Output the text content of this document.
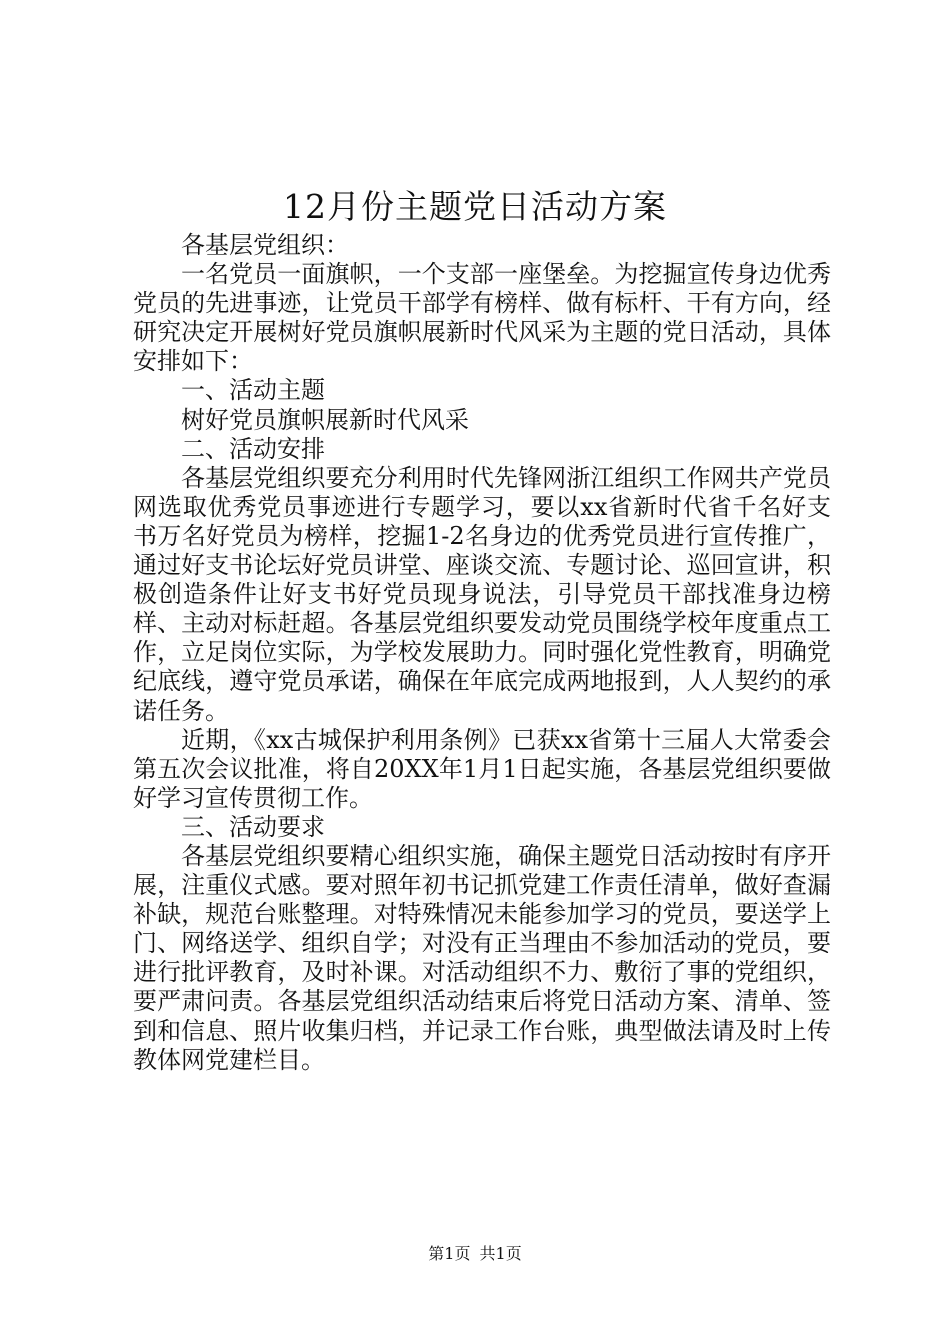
12月份主题党日活动方案

各基层党组织：

一名党员一面旗帜，一个支部一座堡垒。为挖掘宣传身边优秀党员的先进事迹，让党员干部学有榜样、做有标杆、干有方向，经研究决定开展树好党员旗帜展新时代风采为主题的党日活动，具体安排如下：

一、活动主题

树好党员旗帜展新时代风采

二、活动安排

各基层党组织要充分利用时代先锋网浙江组织工作网共产党员网选取优秀党员事迹进行专题学习，要以xx省新时代省千名好支书万名好党员为榜样，挖掘1-2名身边的优秀党员进行宣传推广，通过好支书论坛好党员讲堂、座谈交流、专题讨论、巡回宣讲，积极创造条件让好支书好党员现身说法，引导党员干部找准身边榜样、主动对标赶超。各基层党组织要发动党员围绕学校年度重点工作，立足岗位实际，为学校发展助力。同时强化党性教育，明确党纪底线，遵守党员承诺，确保在年底完成两地报到，人人契约的承诺任务。

近期，《xx古城保护利用条例》已获xx省第十三届人大常委会第五次会议批准，将自20XX年1月1日起实施，各基层党组织要做好学习宣传贯彻工作。

三、活动要求

各基层党组织要精心组织实施，确保主题党日活动按时有序开展，注重仪式感。要对照年初书记抓党建工作责任清单，做好查漏补缺，规范台账整理。对特殊情况未能参加学习的党员，要送学上门、网络送学、组织自学；对没有正当理由不参加活动的党员，要进行批评教育，及时补课。对活动组织不力、敷衍了事的党组织，要严肃问责。各基层党组织活动结束后将党日活动方案、清单、签到和信息、照片收集归档，并记录工作台账，典型做法请及时上传教体网党建栏目。

第1页 共1页
